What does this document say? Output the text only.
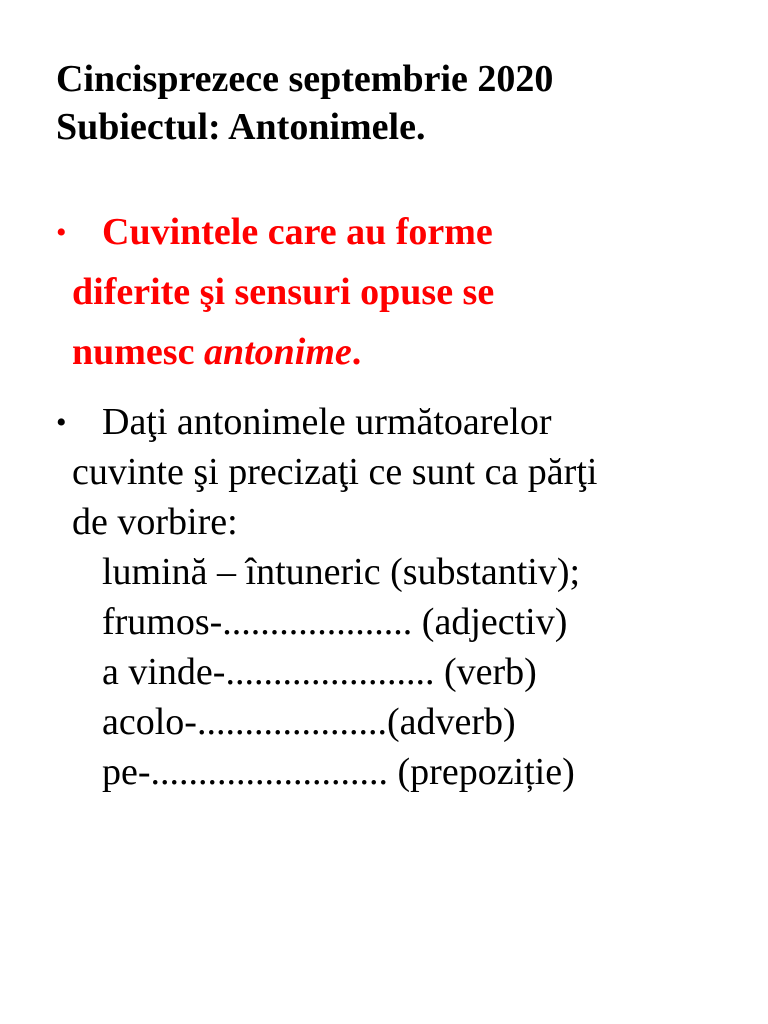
Cincisprezece septembrie 2020
Subiectul: Antonimele.
• Cuvintele care au forme
diferite şi sensuri opuse se
numesc antonime.
• Daţi antonimele următoarelor
cuvinte şi precizaţi ce sunt ca părţi
de vorbire:
lumină – întuneric (substantiv);
frumos-.................... (adjectiv)
a vinde-...................... (verb)
acolo-....................(adverb)
pe-......................... (prepoziție)
